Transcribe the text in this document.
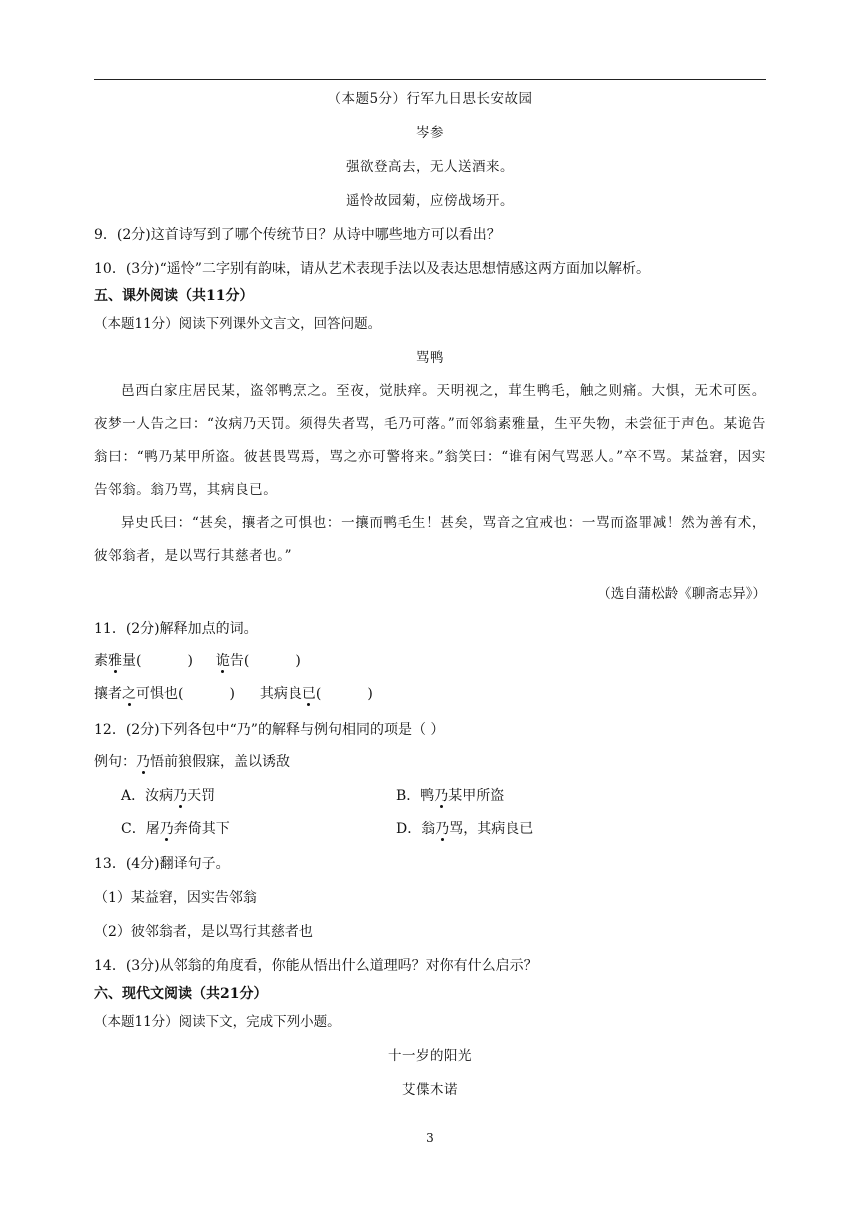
（本题5分）行军九日思长安故园
岑参
强欲登高去，无人送酒来。
遥怜故园菊，应傍战场开。
9．(2分)这首诗写到了哪个传统节日？从诗中哪些地方可以看出？
10．(3分)“遥怜”二字别有韵味，请从艺术表现手法以及表达思想情感这两方面加以解析。
五、课外阅读（共11分）
（本题11分）阅读下列课外文言文，回答问题。
骂鸭
邑西白家庄居民某，盗邻鸭烹之。至夜，觉肤痒。天明视之，茸生鸭毛，触之则痛。大惧，无术可医。夜梦一人告之曰：“汝病乃天罚。须得失者骂，毛乃可落。”而邻翁素雅量，生平失物，未尝征于声色。某诡告翁曰：“鸭乃某甲所盗。彼甚畏骂焉，骂之亦可警将来。”翁笑曰：“谁有闲气骂恶人。”卒不骂。某益窘，因实告邻翁。翁乃骂，其病良已。
异史氏曰：“甚矣，攘者之可惧也：一攘而鸭毛生！甚矣，骂音之宜戒也：一骂而盗罪减！然为善有术，彼邻翁者，是以骂行其慈者也。”
（选自蒲松龄《聊斋志异》）
11．(2分)解释加点的词。
素雅量(	) 诡告(	)
攘者之可惧也(	) 其病良已(	)
12．(2分)下列各包中“乃”的解释与例句相同的项是（ ）
例句：乃悟前狼假寐，盖以诱敌
A．汝病乃天罚	B．鸭乃某甲所盗
C．屠乃奔倚其下	D．翁乃骂，其病良已
13．(4分)翻译句子。
（1）某益窘，因实告邻翁
（2）彼邻翁者，是以骂行其慈者也
14．(3分)从邻翁的角度看，你能从悟出什么道理吗？对你有什么启示？
六、现代文阅读（共21分）
（本题11分）阅读下文，完成下列小题。
十一岁的阳光
艾偞木诺
3
